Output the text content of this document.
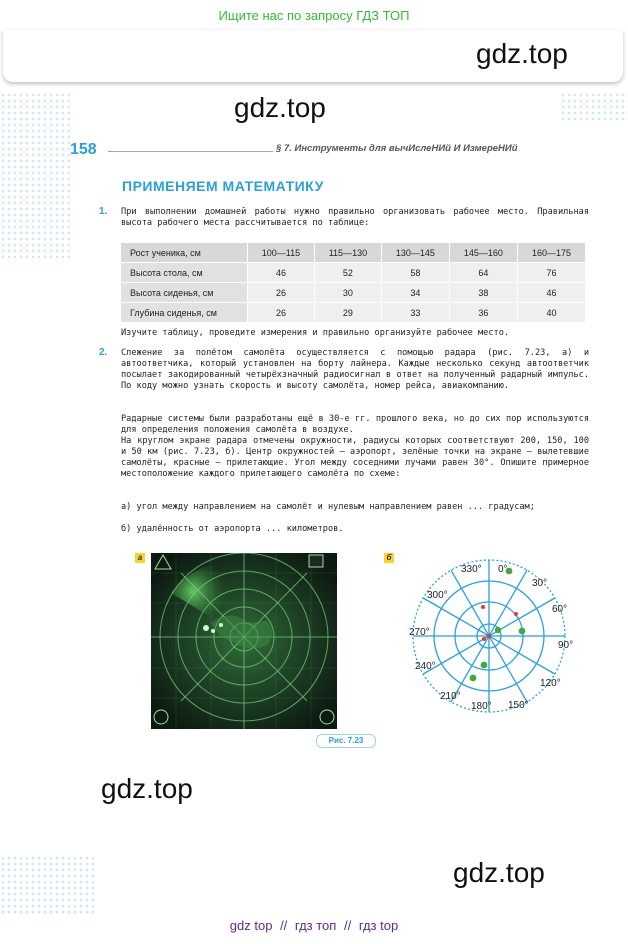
Ищите нас по запросу ГДЗ ТОП
gdz.top
gdz.top
158	§ 7. Инструменты для вычИслеНИй И ИзмереНИй
ПРИМЕНЯЕМ МАТЕМАТИКУ
1. При выполнении домашней работы нужно правильно организовать рабочее место. Правильная высота рабочего места рассчитывается по таблице:
Рост ученика, см	100—115	115—130	130—145	145—160	160—175
Высота стола, см	46	52	58	64	76
Высота сиденья, см	26	30	34	38	46
Глубина сиденья, см	26	29	33	36	40
Изучите таблицу, проведите измерения и правильно организуйте рабочее место.
2. Слежение за полётом самолёта осуществляется с помощью радара (рис. 7.23, а) и автоответчика, который установлен на борту лайнера. Каждые несколько секунд автоответчик посылает закодированный четырёхзначный радиосигнал в ответ на полученный радарный импульс. По коду можно узнать скорость и высоту самолёта, номер рейса, авиакомпанию.
Радарные системы были разработаны ещё в 30-е гг. прошлого века, но до сих пор используются для определения положения самолёта в воздухе.
На круглом экране радара отмечены окружности, радиусы которых соответствуют 200, 150, 100 и 50 км (рис. 7.23, б). Центр окружностей — аэропорт, зелёные точки на экране — вылетевшие самолёты, красные — прилетающие. Угол между соседними лучами равен 30°. Опишите примерное местоположение каждого прилетающего самолёта по схеме:
а) угол между направлением на самолёт и нулевым направлением равен ... градусам;
б) удалённость от аэропорта ... километров.
а
Рис. 7.23
б
0°
30°
60°
90°
120°
150°
180°
210°
240°
270°
300°
330°
gdz.top
gdz.top
gdz top // гдз топ // гдз top
